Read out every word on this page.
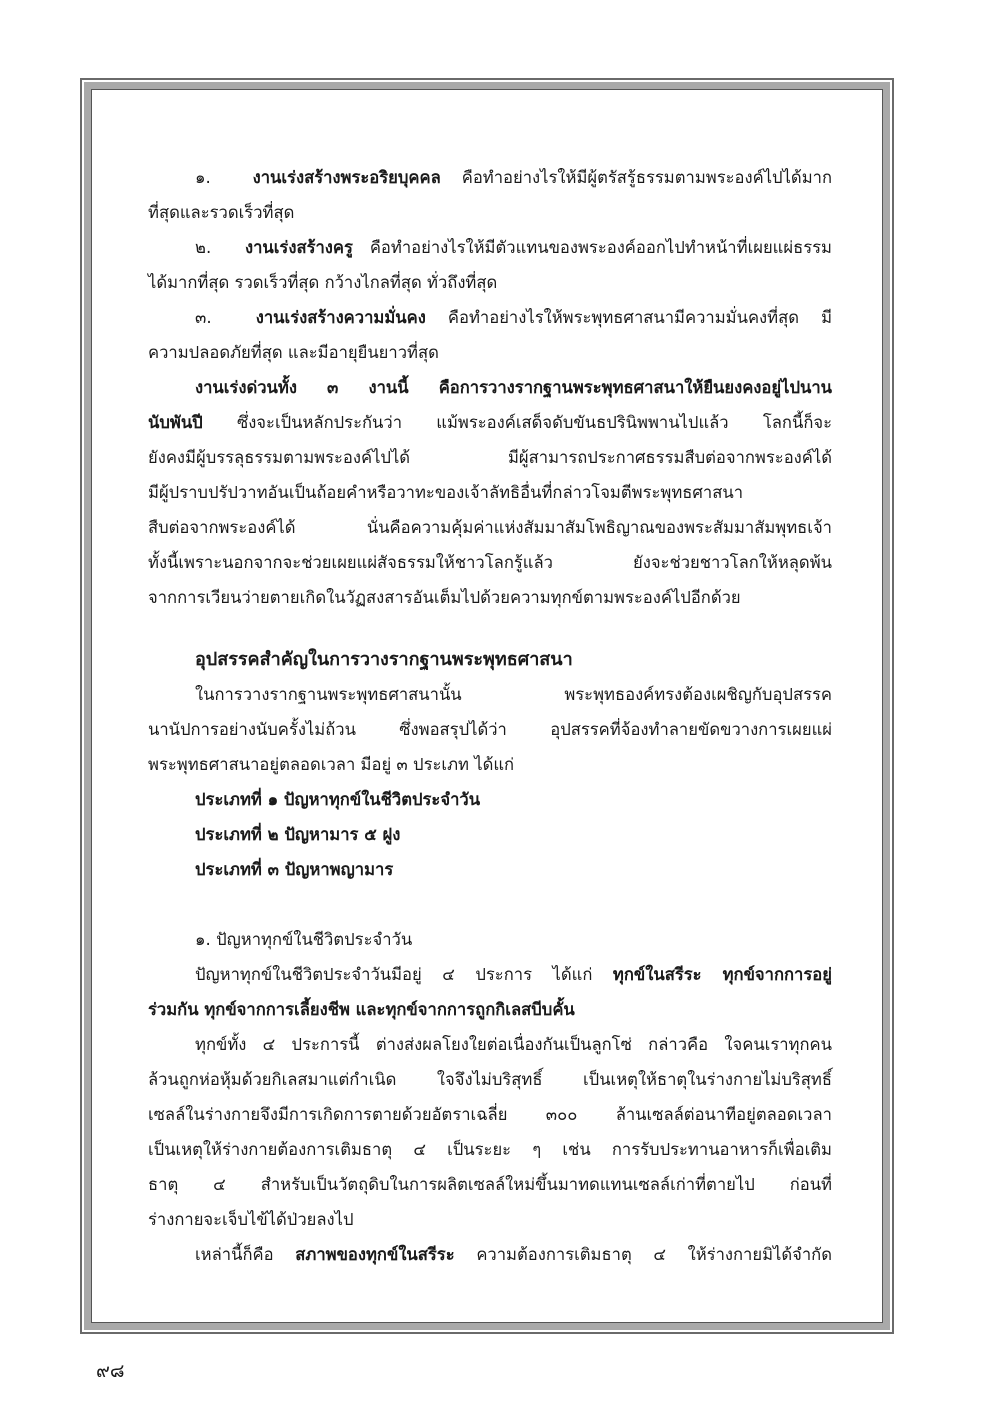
๑.	งานเร่งสร้างพระอริยบุคคล คือทำอย่างไรให้มีผู้ตรัสรู้ธรรมตามพระองค์ไปได้มาก

ที่สุดและรวดเร็วที่สุด

๒. งานเร่งสร้างครู คือทำอย่างไรให้มีตัวแทนของพระองค์ออกไปทำหน้าที่เผยแผ่ธรรม

ได้มากที่สุด รวดเร็วที่สุด กว้างไกลที่สุด ทั่วถึงที่สุด

๓.	งานเร่งสร้างความมั่นคง คือทำอย่างไรให้พระพุทธศาสนามีความมั่นคงที่สุด มี

ความปลอดภัยที่สุด และมีอายุยืนยาวที่สุด

งานเร่งด่วนทั้ง ๓ งานนี้ คือการวางรากฐานพระพุทธศาสนาให้ยืนยงคงอยู่ไปนาน

นับพันปี ซึ่งจะเป็นหลักประกันว่า แม้พระองค์เสด็จดับขันธปรินิพพานไปแล้ว โลกนี้ก็จะ

ยังคงมีผู้บรรลุธรรมตามพระองค์ไปได้ มีผู้สามารถประกาศธรรมสืบต่อจากพระองค์ได้

มีผู้ปราบปรัปวาทอันเป็นถ้อยคำหรือวาทะของเจ้าลัทธิอื่นที่กล่าวโจมตีพระพุทธศาสนา

สืบต่อจากพระองค์ได้ นั่นคือความคุ้มค่าแห่งสัมมาสัมโพธิญาณของพระสัมมาสัมพุทธเจ้า

ทั้งนี้เพราะนอกจากจะช่วยเผยแผ่สัจธรรมให้ชาวโลกรู้แล้ว ยังจะช่วยชาวโลกให้หลุดพ้น

จากการเวียนว่ายตายเกิดในวัฏสงสารอันเต็มไปด้วยความทุกข์ตามพระองค์ไปอีกด้วย

อุปสรรคสำคัญในการวางรากฐานพระพุทธศาสนา

ในการวางรากฐานพระพุทธศาสนานั้น พระพุทธองค์ทรงต้องเผชิญกับอุปสรรค

นานัปการอย่างนับครั้งไม่ถ้วน ซึ่งพอสรุปได้ว่า อุปสรรคที่จ้องทำลายขัดขวางการเผยแผ่

พระพุทธศาสนาอยู่ตลอดเวลา มีอยู่ ๓ ประเภท ได้แก่

ประเภทที่ ๑ ปัญหาทุกข์ในชีวิตประจำวัน
ประเภทที่ ๒ ปัญหามาร ๕ ฝูง
ประเภทที่ ๓ ปัญหาพญามาร
๑. ปัญหาทุกข์ในชีวิตประจำวัน

ปัญหาทุกข์ในชีวิตประจำวันมีอยู่ ๔ ประการ ได้แก่ ทุกข์ในสรีระ ทุกข์จากการอยู่

ร่วมกัน ทุกข์จากการเลี้ยงชีพ และทุกข์จากการถูกกิเลสบีบคั้น

ทุกข์ทั้ง ๔ ประการนี้ ต่างส่งผลโยงใยต่อเนื่องกันเป็นลูกโซ่ กล่าวคือ ใจคนเราทุกคน

ล้วนถูกห่อหุ้มด้วยกิเลสมาแต่กำเนิด ใจจึงไม่บริสุทธิ์ เป็นเหตุให้ธาตุในร่างกายไม่บริสุทธิ์

เซลล์ในร่างกายจึงมีการเกิดการตายด้วยอัตราเฉลี่ย ๓๐๐ ล้านเซลล์ต่อนาทีอยู่ตลอดเวลา

เป็นเหตุให้ร่างกายต้องการเติมธาตุ ๔ เป็นระยะ ๆ เช่น การรับประทานอาหารก็เพื่อเติม

ธาตุ ๔ สำหรับเป็นวัตถุดิบในการผลิตเซลล์ใหม่ขึ้นมาทดแทนเซลล์เก่าที่ตายไป ก่อนที่

ร่างกายจะเจ็บไข้ได้ป่วยลงไป

เหล่านี้ก็คือ สภาพของทุกข์ในสรีระ ความต้องการเติมธาตุ ๔ ให้ร่างกายมิได้จำกัด

๙๘
